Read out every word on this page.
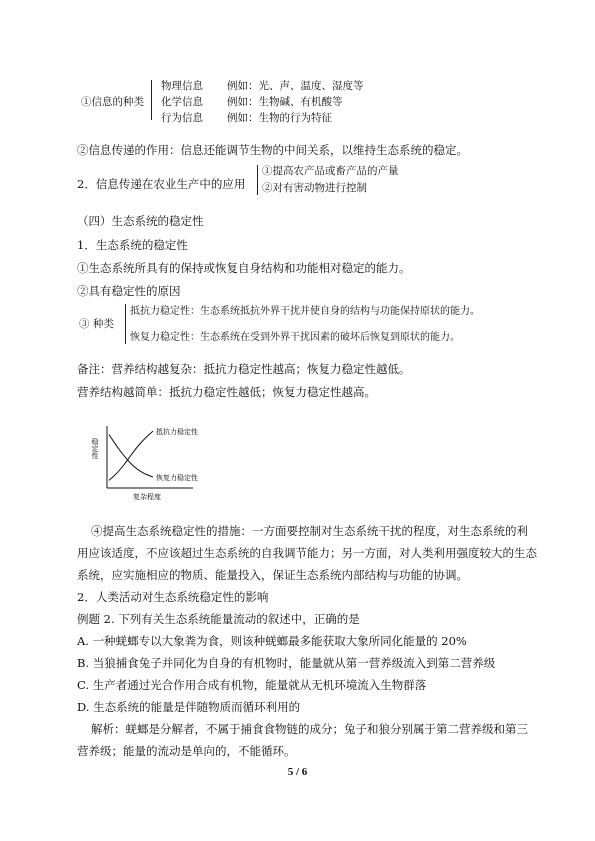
①信息的种类
物理信息 例如：光、声、温度、湿度等
化学信息 例如：生物碱、有机酸等
行为信息 例如：生物的行为特征
②信息传递的作用：信息还能调节生物的中间关系，以维持生态系统的稳定。
2．信息传递在农业生产中的应用
①提高农产品或畜产品的产量
②对有害动物进行控制
（四）生态系统的稳定性
1．生态系统的稳定性
①生态系统所具有的保持或恢复自身结构和功能相对稳定的能力。
②具有稳定性的原因
③ 种类
抵抗力稳定性：生态系统抵抗外界干扰并使自身的结构与功能保持原状的能力。
恢复力稳定性：生态系统在受到外界干扰因素的破坏后恢复到原状的能力。
备注：营养结构越复杂：抵抗力稳定性越高；恢复力稳定性越低。
营养结构越简单：抵抗力稳定性越低；恢复力稳定性越高。
稳定性
复杂程度
抵抗力稳定性
恢复力稳定性
④提高生态系统稳定性的措施：一方面要控制对生态系统干扰的程度，对生态系统的利
用应该适度，不应该超过生态系统的自我调节能力；另一方面，对人类利用强度较大的生态
系统，应实施相应的物质、能量投入，保证生态系统内部结构与功能的协调。
2．人类活动对生态系统稳定性的影响
例题 2. 下列有关生态系统能量流动的叙述中，正确的是
A. 一种蜣螂专以大象粪为食，则该种蜣螂最多能获取大象所同化能量的 20%
B. 当狼捕食兔子并同化为自身的有机物时，能量就从第一营养级流入到第二营养级
C. 生产者通过光合作用合成有机物，能量就从无机环境流入生物群落
D. 生态系统的能量是伴随物质而循环利用的
解析：蜣螂是分解者，不属于捕食食物链的成分；兔子和狼分别属于第二营养级和第三
营养级；能量的流动是单向的，不能循环。
5 / 6
